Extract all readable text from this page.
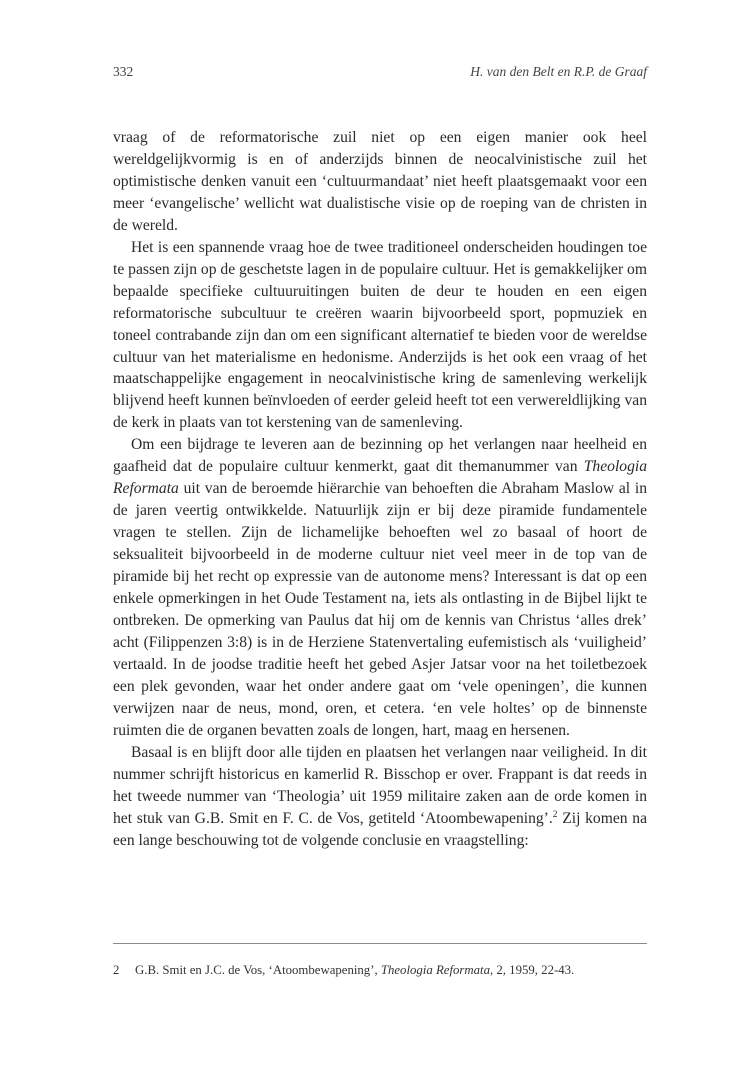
332	H. van den Belt en R.P. de Graaf

vraag of de reformatorische zuil niet op een eigen manier ook heel wereldgelijkvormig is en of anderzijds binnen de neocalvinistische zuil het optimistische denken vanuit een ‘cultuurmandaat’ niet heeft plaatsgemaakt voor een meer ‘evangelische’ wellicht wat dualistische visie op de roeping van de christen in de wereld.

Het is een spannende vraag hoe de twee traditioneel onderscheiden houdingen toe te passen zijn op de geschetste lagen in de populaire cultuur. Het is gemakkelijker om bepaalde specifieke cultuuruitingen buiten de deur te houden en een eigen reformatorische subcultuur te creëren waarin bijvoorbeeld sport, popmuziek en toneel contrabande zijn dan om een significant alternatief te bieden voor de wereldse cultuur van het materialisme en hedonisme. Anderzijds is het ook een vraag of het maatschappelijke engagement in neocalvinistische kring de samenleving werkelijk blijvend heeft kunnen beïnvloeden of eerder geleid heeft tot een verwereldlijking van de kerk in plaats van tot kerstening van de samenleving.

Om een bijdrage te leveren aan de bezinning op het verlangen naar heelheid en gaafheid dat de populaire cultuur kenmerkt, gaat dit themanummer van Theologia Reformata uit van de beroemde hiërarchie van behoeften die Abraham Maslow al in de jaren veertig ontwikkelde. Natuurlijk zijn er bij deze piramide fundamentele vragen te stellen. Zijn de lichamelijke behoeften wel zo basaal of hoort de seksualiteit bijvoorbeeld in de moderne cultuur niet veel meer in de top van de piramide bij het recht op expressie van de autonome mens? Interessant is dat op een enkele opmerkingen in het Oude Testament na, iets als ontlasting in de Bijbel lijkt te ontbreken. De opmerking van Paulus dat hij om de kennis van Christus ‘alles drek’ acht (Filippenzen 3:8) is in de Herziene Statenvertaling eufemistisch als ‘vuiligheid’ vertaald. In de joodse traditie heeft het gebed Asjer Jatsar voor na het toiletbezoek een plek gevonden, waar het onder andere gaat om ‘vele openingen’, die kunnen verwijzen naar de neus, mond, oren, et cetera. ‘en vele holtes’ op de binnenste ruimten die de organen bevatten zoals de longen, hart, maag en hersenen.

Basaal is en blijft door alle tijden en plaatsen het verlangen naar veiligheid. In dit nummer schrijft historicus en kamerlid R. Bisschop er over. Frappant is dat reeds in het tweede nummer van ‘Theologia’ uit 1959 militaire zaken aan de orde komen in het stuk van G.B. Smit en F. C. de Vos, getiteld ‘Atoombewapening’.$^2$ Zij komen na een lange beschouwing tot de volgende conclusie en vraagstelling:

2 G.B. Smit en J.C. de Vos, ‘Atoombewapening’, Theologia Reformata, 2, 1959, 22-43.
